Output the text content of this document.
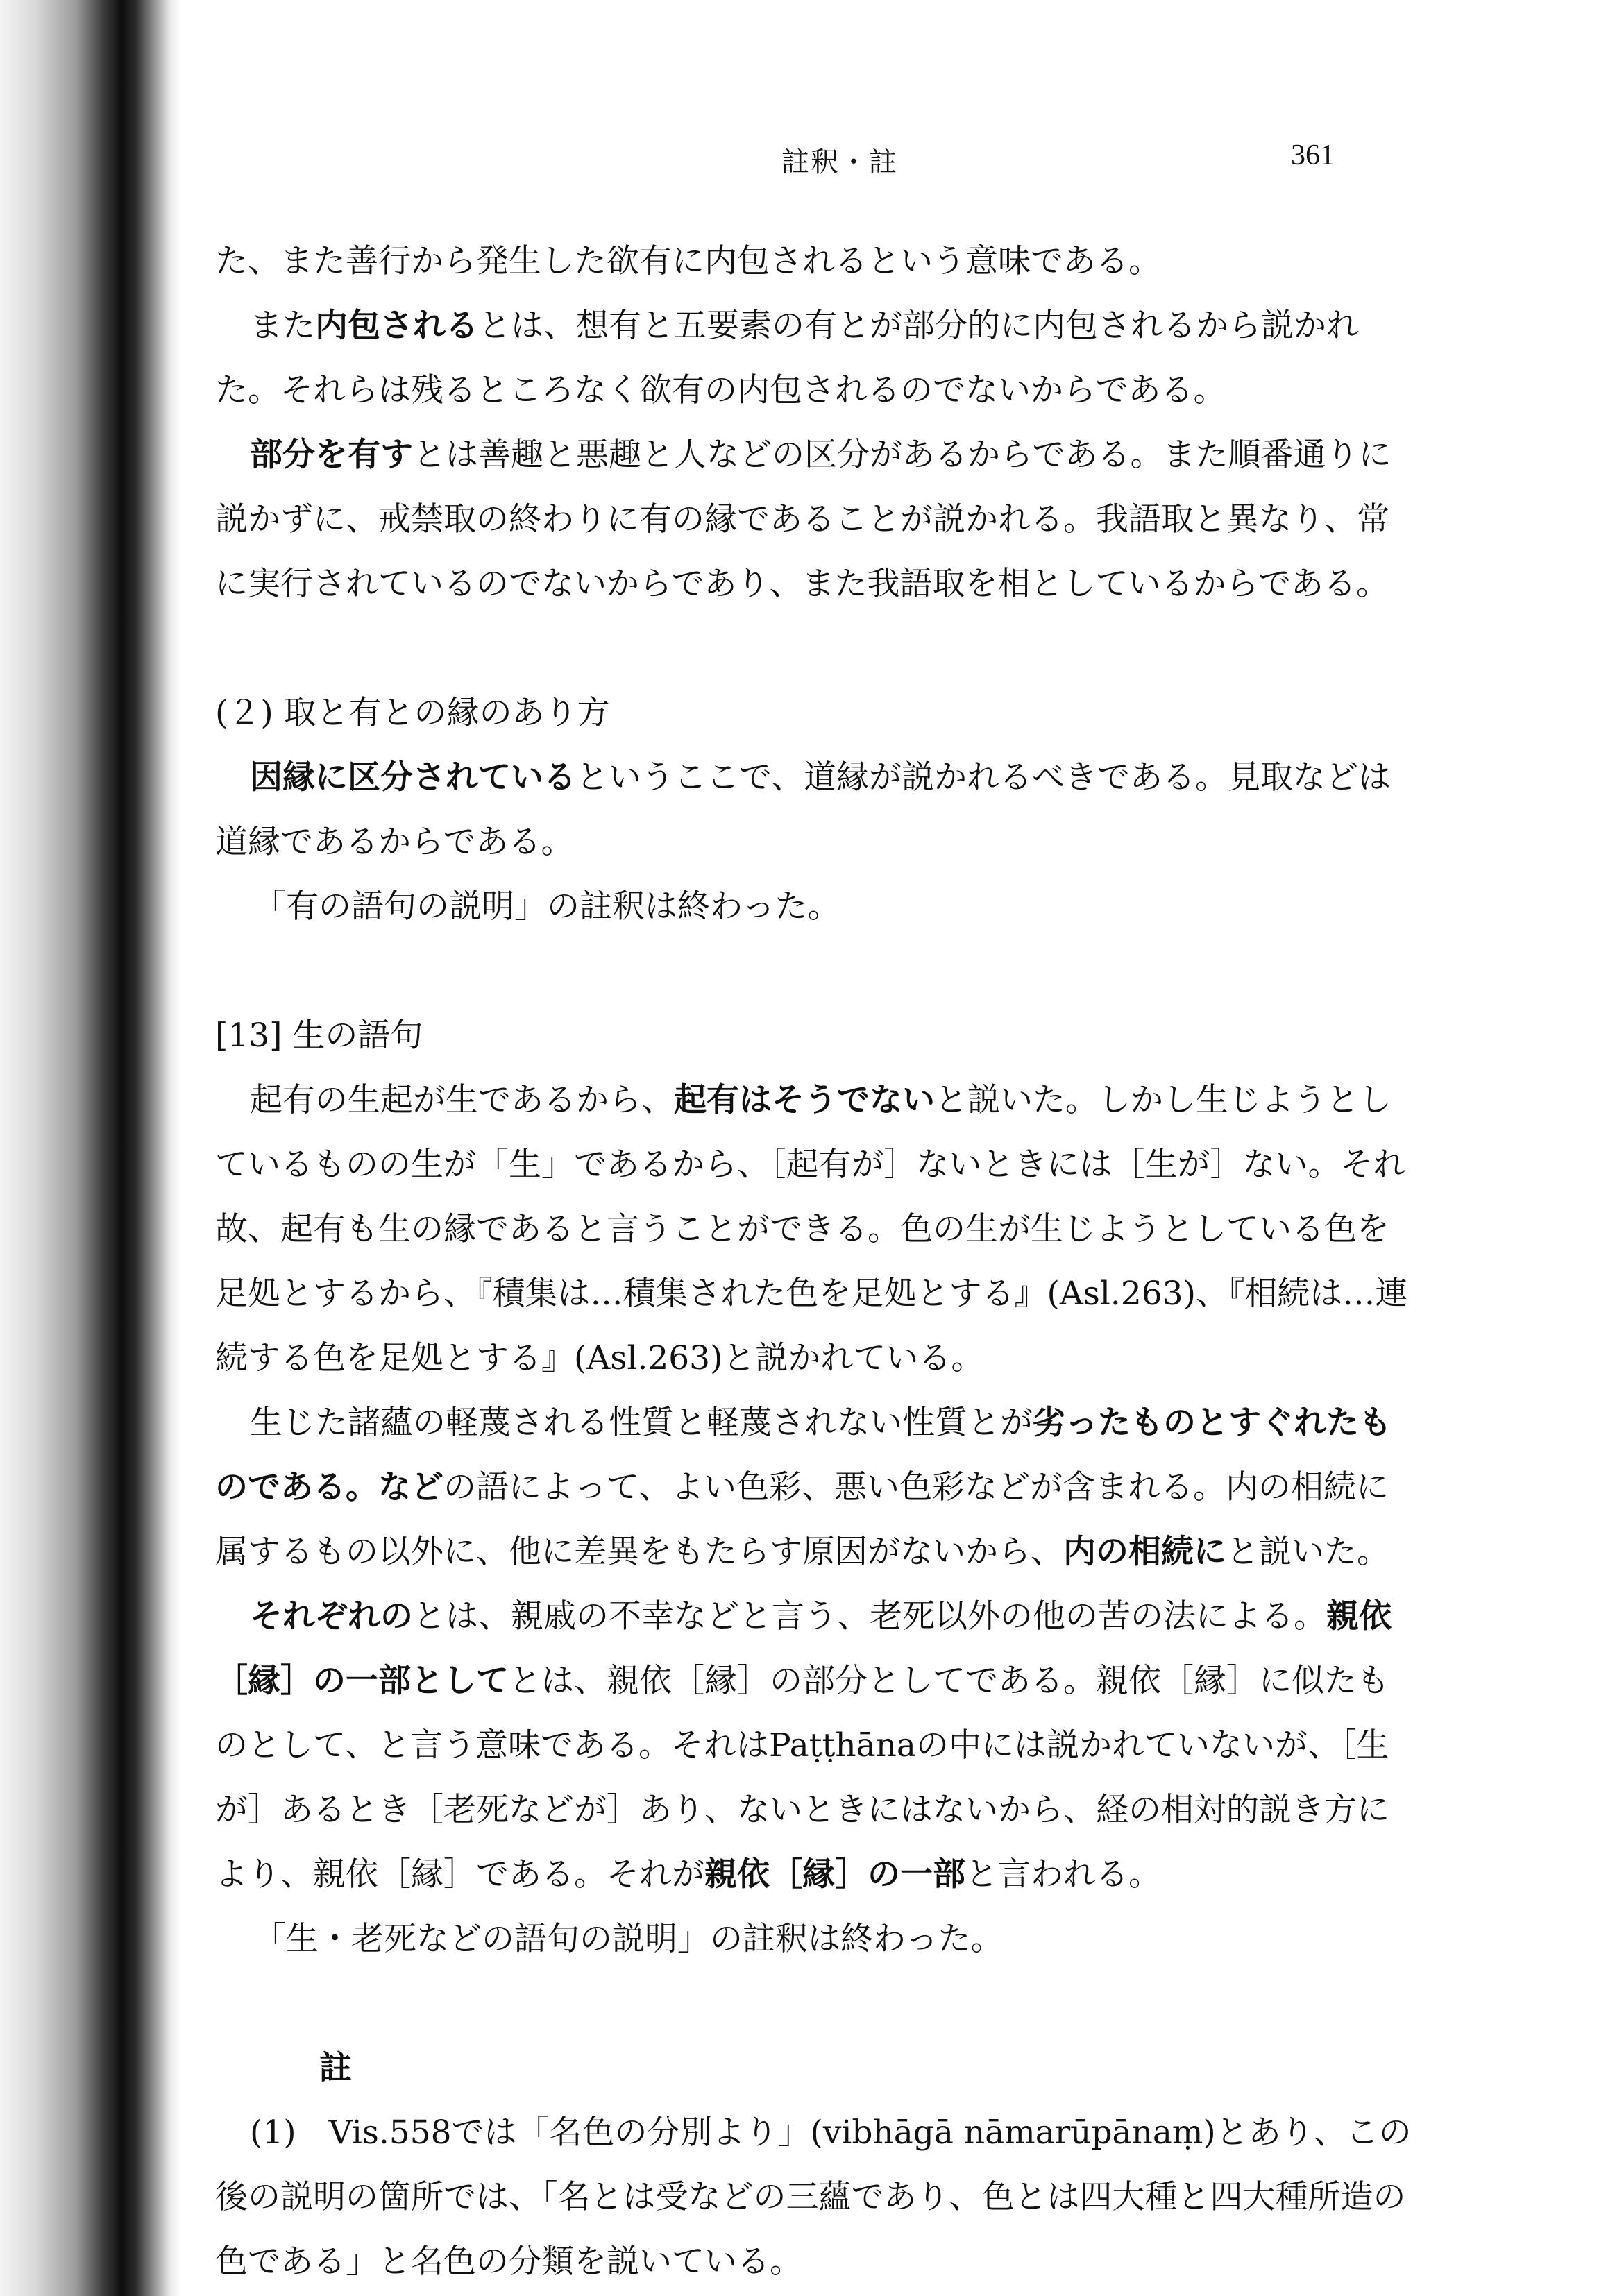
註釈・註	361

た、また善行から発生した欲有に内包されるという意味である。

また内包されるとは、想有と五要素の有とが部分的に内包されるから説かれた。それらは残るところなく欲有の内包されるのでないからである。

部分を有すとは善趣と悪趣と人などの区分があるからである。また順番通りに説かずに、戒禁取の終わりに有の縁であることが説かれる。我語取と異なり、常に実行されているのでないからであり、また我語取を相としているからである。

(２) 取と有との縁のあり方

因縁に区分されているというここで、道縁が説かれるべきである。見取などは道縁であるからである。

「有の語句の説明」の註釈は終わった。

[13] 生の語句

起有の生起が生であるから、起有はそうでないと説いた。しかし生じようとしているものの生が「生」であるから、［起有が］ないときには［生が］ない。それ故、起有も生の縁であると言うことができる。色の生が生じようとしている色を足処とするから、『積集は…積集された色を足処とする』(Asl.263)、『相続は…連続する色を足処とする』(Asl.263)と説かれている。

生じた諸蘊の軽蔑される性質と軽蔑されない性質とが劣ったものとすぐれたものである。などの語によって、よい色彩、悪い色彩などが含まれる。内の相続に属するもの以外に、他に差異をもたらす原因がないから、内の相続にと説いた。

それぞれのとは、親戚の不幸などと言う、老死以外の他の苦の法による。親依［縁］の一部としてとは、親依［縁］の部分としてである。親依［縁］に似たものとして、と言う意味である。それはPaṭṭhānaの中には説かれていないが、［生が］あるとき［老死などが］あり、ないときにはないから、経の相対的説き方により、親依［縁］である。それが親依［縁］の一部と言われる。

「生・老死などの語句の説明」の註釈は終わった。

註

(1)　Vis.558では「名色の分別より」(vibhāgā nāmarūpānaṃ)とあり、この後の説明の箇所では、「名とは受などの三蘊であり、色とは四大種と四大種所造の色である」と名色の分類を説いている。
